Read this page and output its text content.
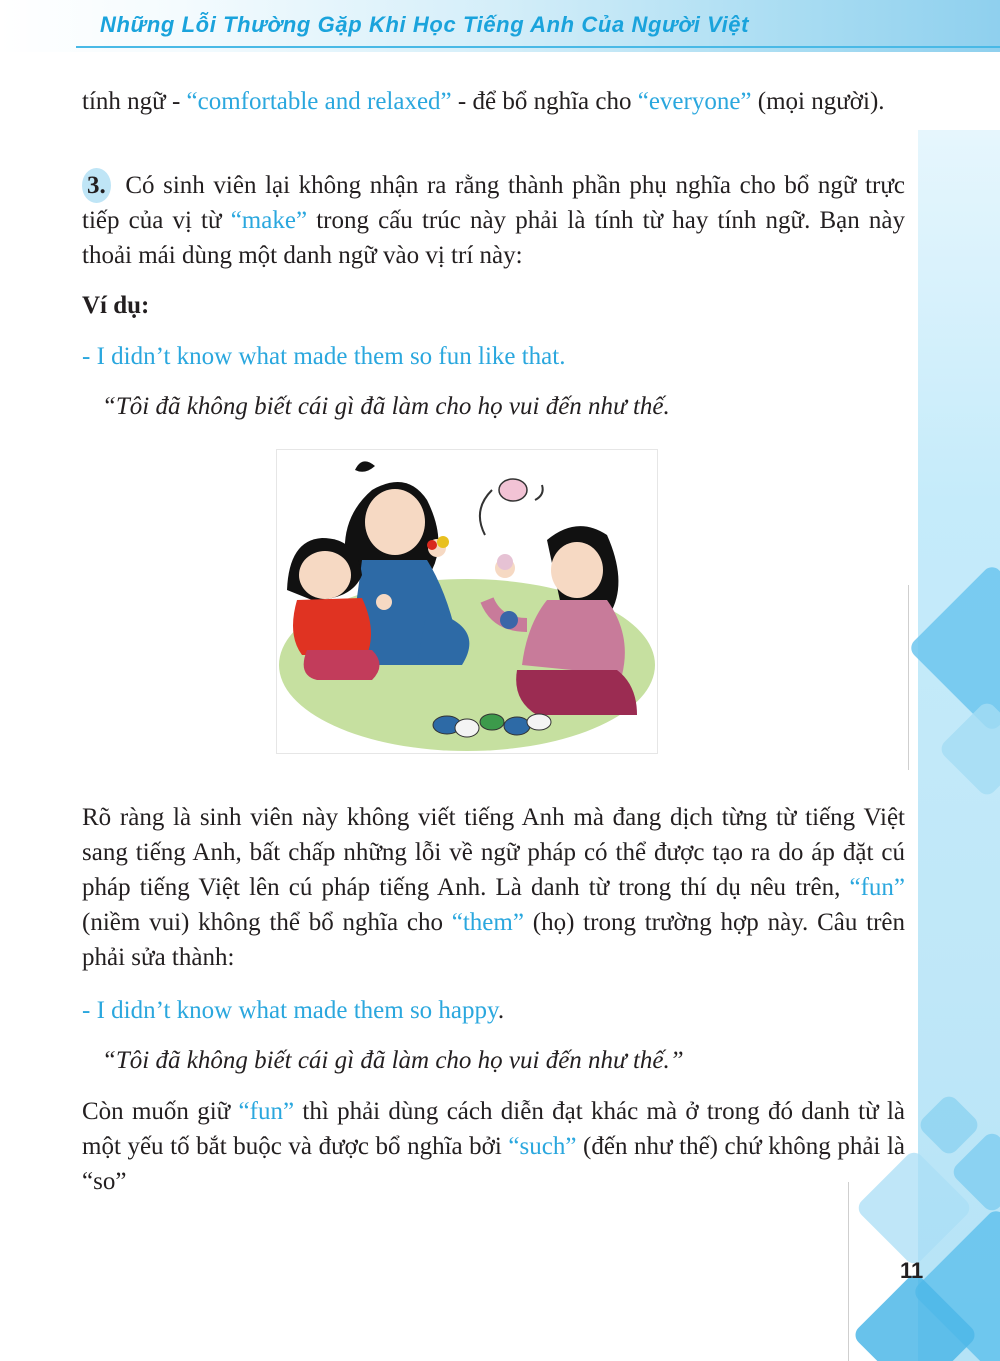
Những Lỗi Thường Gặp Khi Học Tiếng Anh Của Người Việt

tính ngữ - “comfortable and relaxed” - để bổ nghĩa cho “everyone” (mọi người).

3. Có sinh viên lại không nhận ra rằng thành phần phụ nghĩa cho bổ ngữ trực tiếp của vị từ “make” trong cấu trúc này phải là tính từ hay tính ngữ. Bạn này thoải mái dùng một danh ngữ vào vị trí này:

Ví dụ:
- I didn’t know what made them so fun like that.
“Tôi đã không biết cái gì đã làm cho họ vui đến như thế.

Rõ ràng là sinh viên này không viết tiếng Anh mà đang dịch từng từ tiếng Việt sang tiếng Anh, bất chấp những lỗi về ngữ pháp có thể được tạo ra do áp đặt cú pháp tiếng Việt lên cú pháp tiếng Anh. Là danh từ trong thí dụ nêu trên, “fun” (niềm vui) không thể bổ nghĩa cho “them” (họ) trong trường hợp này. Câu trên phải sửa thành:

- I didn’t know what made them so happy.
“Tôi đã không biết cái gì đã làm cho họ vui đến như thế.”

Còn muốn giữ “fun” thì phải dùng cách diễn đạt khác mà ở trong đó danh từ là một yếu tố bắt buộc và được bổ nghĩa bởi “such” (đến như thế) chứ không phải là “so”

11
